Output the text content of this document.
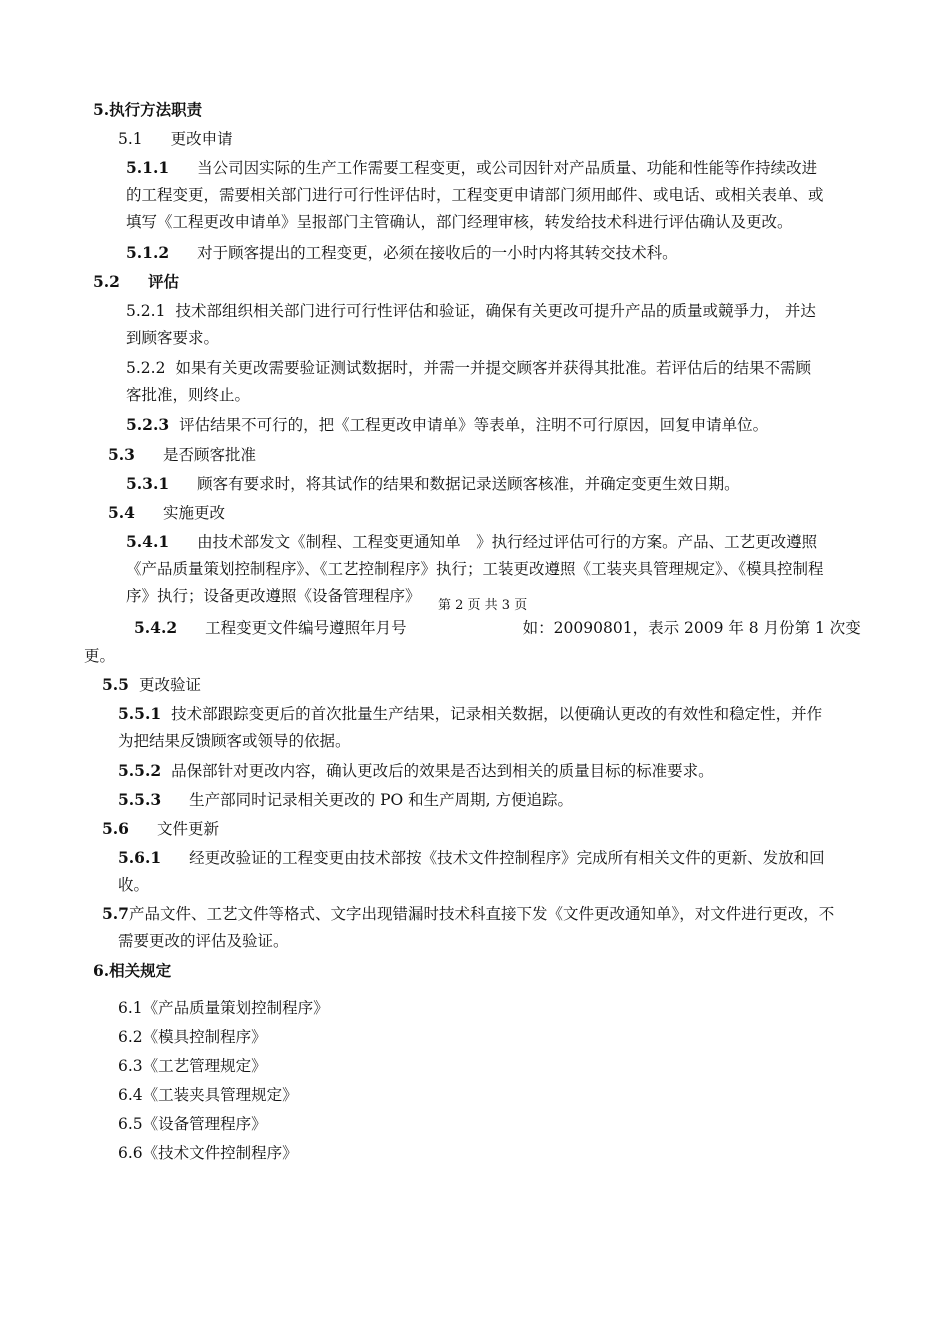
5.执行方法职责
5.1 更改申请
5.1.1 当公司因实际的生产工作需要工程变更，或公司因针对产品质量、功能和性能等作持续改进
的工程变更，需要相关部门进行可行性评估时，工程变更申请部门须用邮件、或电话、或相关表单、或
填写《工程更改申请单》呈报部门主管确认，部门经理审核，转发给技术科进行评估确认及更改。
5.1.2 对于顾客提出的工程变更，必须在接收后的一小时内将其转交技术科。
5.2 评估
5.2.1 技术部组织相关部门进行可行性评估和验证，确保有关更改可提升产品的质量或競爭力， 并达
到顾客要求。
5.2.2 如果有关更改需要验证测试数据时，并需一并提交顾客并获得其批准。若评估后的结果不需顾
客批准，则终止。
5.2.3 评估结果不可行的，把《工程更改申请单》等表单，注明不可行原因，回复申请单位。
5.3 是否顾客批准
5.3.1 顾客有要求时，将其试作的结果和数据记录送顾客核准，并确定变更生效日期。
5.4 实施更改
5.4.1 由技术部发文《制程、工程变更通知单　》执行经过评估可行的方案。产品、工艺更改遵照
《产品质量策划控制程序》、《工艺控制程序》执行；工装更改遵照《工装夹具管理规定》、《模具控制程
序》执行；设备更改遵照《设备管理程序》
第 2 页 共 3 页
5.4.2 工程变更文件编号遵照年月号	如：20090801，表示 2009 年 8 月份第 1 次变
更。
5.5 更改验证
5.5.1 技术部跟踪变更后的首次批量生产结果，记录相关数据，以便确认更改的有效性和稳定性，并作
为把结果反馈顾客或领导的依据。
5.5.2 品保部针对更改内容，确认更改后的效果是否达到相关的质量目标的标准要求。
5.5.3 生产部同时记录相关更改的 PO 和生产周期, 方便追踪。
5.6 文件更新
5.6.1 经更改验证的工程变更由技术部按《技术文件控制程序》完成所有相关文件的更新、发放和回
收。
5.7产品文件、工艺文件等格式、文字出现错漏时技术科直接下发《文件更改通知单》，对文件进行更改，不
需要更改的评估及验证。
6.相关规定
6.1《产品质量策划控制程序》
6.2《模具控制程序》
6.3《工艺管理规定》
6.4《工装夹具管理规定》
6.5《设备管理程序》
6.6《技术文件控制程序》
